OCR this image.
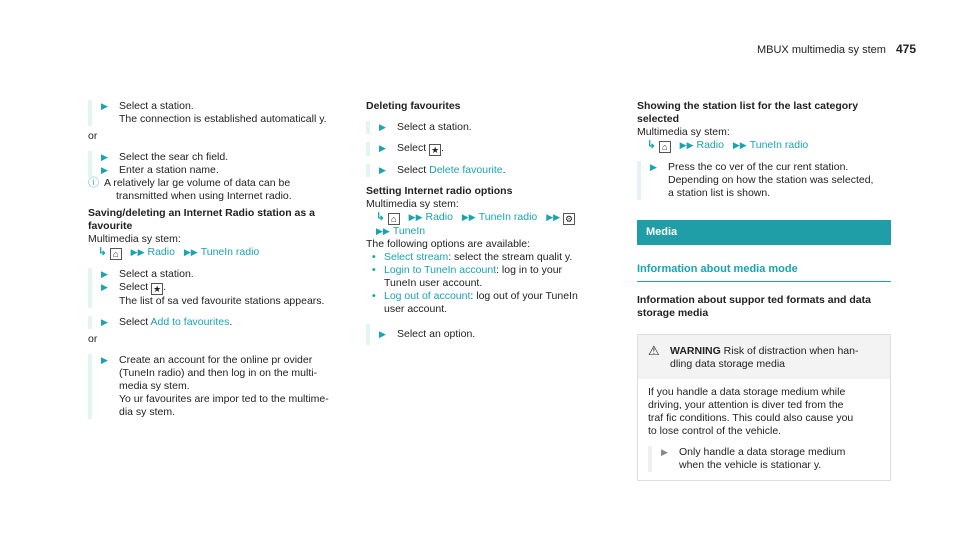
MBUX multimedia sy stem 475
▶ Select a station.
The connection is established automaticall y.
or
▶ Select the sear ch field.
▶ Enter a station name.
ⓘ A relatively lar ge volume of data can be
transmitted when using Internet radio.
Saving/deleting an Internet Radio station as a favourite
Multimedia sy stem:
↳ ⌂ ▶▶ Radio ▶▶ TuneIn radio
▶ Select a station.
▶ Select ★ .
The list of sa ved favourite stations appears.
▶ Select Add to favourites.
or
▶ Create an account for the online pr ovider
(TuneIn radio) and then log in on the multi-
media sy stem.
Yo ur favourites are impor ted to the multime-
dia sy stem.
Deleting favourites
▶ Select a station.
▶ Select ★ .
▶ Select Delete favourite.
Setting Internet radio options
Multimedia sy stem:
↳ ⌂ ▶▶ Radio ▶▶ TuneIn radio ▶▶ ⚙
▶▶ TuneIn
The following options are available:
• Select stream: select the stream qualit y.
• Login to TuneIn account: log in to your
TuneIn user account.
• Log out of account: log out of your TuneIn
user account.
▶ Select an option.
Showing the station list for the last category selected
Multimedia sy stem:
↳ ⌂ ▶▶ Radio ▶▶ TuneIn radio
▶ Press the co ver of the cur rent station.
Depending on how the station was selected,
a station list is shown.
Media
Information about media mode
Information about suppor ted formats and data storage media
⚠ WARNING Risk of distraction when han-
dling data storage media
If you handle a data storage medium while
driving, your attention is diver ted from the
traf fic conditions. This could also cause you
to lose control of the vehicle.
▶ Only handle a data storage medium
when the vehicle is stationar y.
